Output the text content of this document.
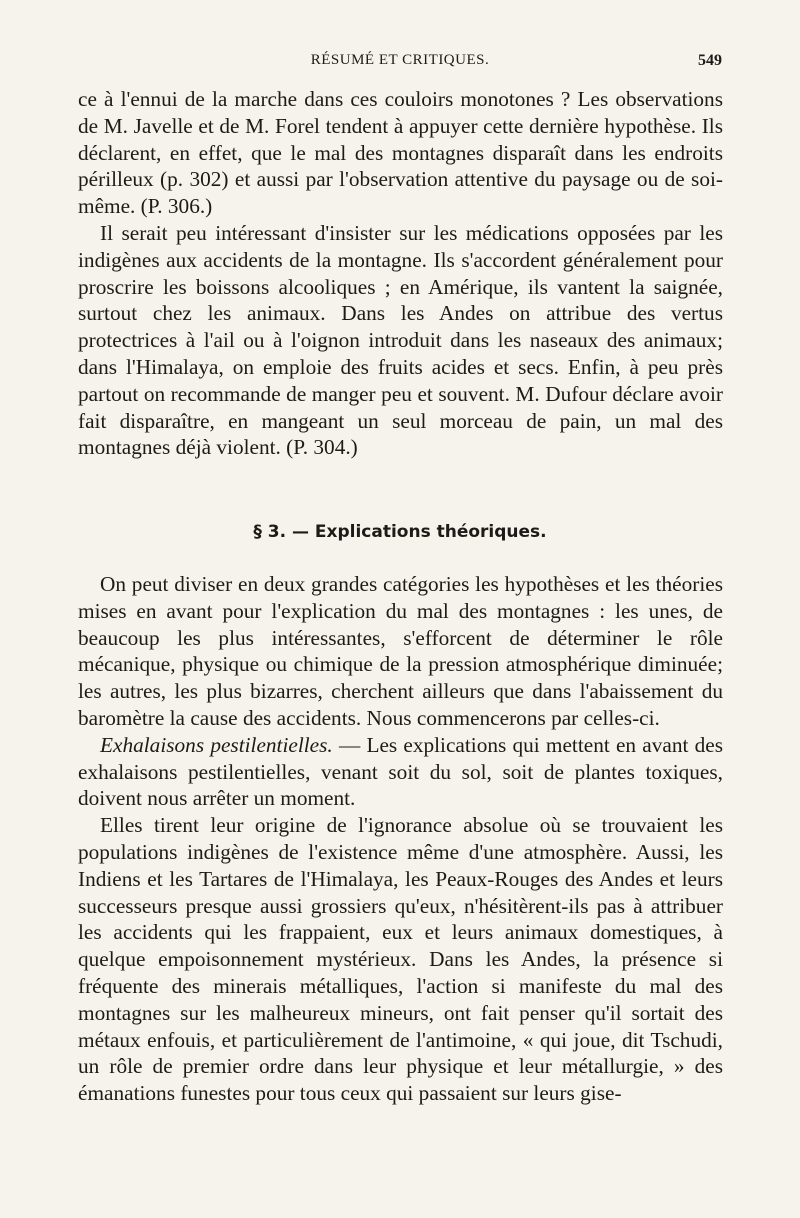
RÉSUMÉ ET CRITIQUES.	549

ce à l'ennui de la marche dans ces couloirs monotones ? Les observations de M. Javelle et de M. Forel tendent à appuyer cette dernière hypothèse. Ils déclarent, en effet, que le mal des montagnes disparaît dans les endroits périlleux (p. 302) et aussi par l'observation attentive du paysage ou de soi-même. (P. 306.)

Il serait peu intéressant d'insister sur les médications opposées par les indigènes aux accidents de la montagne. Ils s'accordent généralement pour proscrire les boissons alcooliques ; en Amérique, ils vantent la saignée, surtout chez les animaux. Dans les Andes on attribue des vertus protectrices à l'ail ou à l'oignon introduit dans les naseaux des animaux; dans l'Himalaya, on emploie des fruits acides et secs. Enfin, à peu près partout on recommande de manger peu et souvent. M. Dufour déclare avoir fait disparaître, en mangeant un seul morceau de pain, un mal des montagnes déjà violent. (P. 304.)

§ 3. — Explications théoriques.

On peut diviser en deux grandes catégories les hypothèses et les théories mises en avant pour l'explication du mal des montagnes : les unes, de beaucoup les plus intéressantes, s'efforcent de déterminer le rôle mécanique, physique ou chimique de la pression atmosphérique diminuée; les autres, les plus bizarres, cherchent ailleurs que dans l'abaissement du baromètre la cause des accidents. Nous commencerons par celles-ci.

Exhalaisons pestilentielles. — Les explications qui mettent en avant des exhalaisons pestilentielles, venant soit du sol, soit de plantes toxiques, doivent nous arrêter un moment.

Elles tirent leur origine de l'ignorance absolue où se trouvaient les populations indigènes de l'existence même d'une atmosphère. Aussi, les Indiens et les Tartares de l'Himalaya, les Peaux-Rouges des Andes et leurs successeurs presque aussi grossiers qu'eux, n'hésitèrent-ils pas à attribuer les accidents qui les frappaient, eux et leurs animaux domestiques, à quelque empoisonnement mystérieux. Dans les Andes, la présence si fréquente des minerais métalliques, l'action si manifeste du mal des montagnes sur les malheureux mineurs, ont fait penser qu'il sortait des métaux enfouis, et particulièrement de l'antimoine, « qui joue, dit Tschudi, un rôle de premier ordre dans leur physique et leur métallurgie, » des émanations funestes pour tous ceux qui passaient sur leurs gise-
